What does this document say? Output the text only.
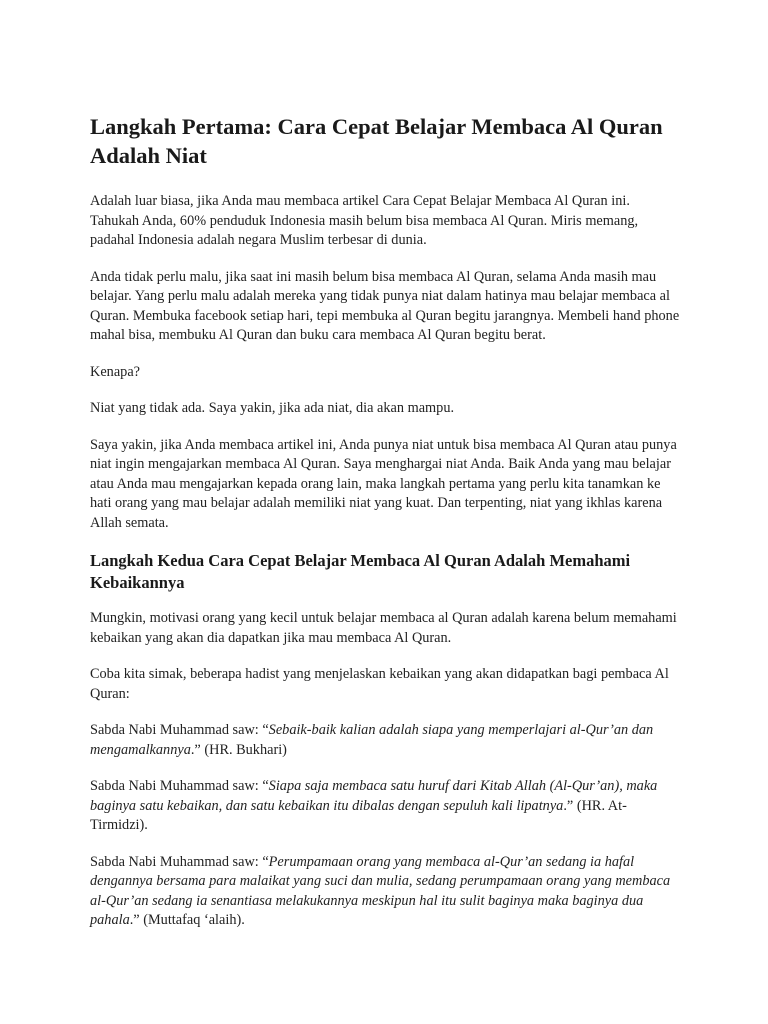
Langkah Pertama: Cara Cepat Belajar Membaca Al Quran Adalah Niat

Adalah luar biasa, jika Anda mau membaca artikel Cara Cepat Belajar Membaca Al Quran ini. Tahukah Anda, 60% penduduk Indonesia masih belum bisa membaca Al Quran. Miris memang, padahal Indonesia adalah negara Muslim terbesar di dunia.

Anda tidak perlu malu, jika saat ini masih belum bisa membaca Al Quran, selama Anda masih mau belajar. Yang perlu malu adalah mereka yang tidak punya niat dalam hatinya mau belajar membaca al Quran. Membuka facebook setiap hari, tepi membuka al Quran begitu jarangnya. Membeli hand phone mahal bisa, membuku Al Quran dan buku cara membaca Al Quran begitu berat.

Kenapa?

Niat yang tidak ada. Saya yakin, jika ada niat, dia akan mampu.

Saya yakin, jika Anda membaca artikel ini, Anda punya niat untuk bisa membaca Al Quran atau punya niat ingin mengajarkan membaca Al Quran. Saya menghargai niat Anda. Baik Anda yang mau belajar atau Anda mau mengajarkan kepada orang lain, maka langkah pertama yang perlu kita tanamkan ke hati orang yang mau belajar adalah memiliki niat yang kuat. Dan terpenting, niat yang ikhlas karena Allah semata.

Langkah Kedua Cara Cepat Belajar Membaca Al Quran Adalah Memahami Kebaikannya

Mungkin, motivasi orang yang kecil untuk belajar membaca al Quran adalah karena belum memahami kebaikan yang akan dia dapatkan jika mau membaca Al Quran.

Coba kita simak, beberapa hadist yang menjelaskan kebaikan yang akan didapatkan bagi pembaca Al Quran:

Sabda Nabi Muhammad saw: “Sebaik-baik kalian adalah siapa yang memperlajari al-Qur’an dan mengamalkannya.” (HR. Bukhari)

Sabda Nabi Muhammad saw: “Siapa saja membaca satu huruf dari Kitab Allah (Al-Qur’an), maka baginya satu kebaikan, dan satu kebaikan itu dibalas dengan sepuluh kali lipatnya.” (HR. At-Tirmidzi).

Sabda Nabi Muhammad saw: “Perumpamaan orang yang membaca al-Qur’an sedang ia hafal dengannya bersama para malaikat yang suci dan mulia, sedang perumpamaan orang yang membaca al-Qur’an sedang ia senantiasa melakukannya meskipun hal itu sulit baginya maka baginya dua pahala.” (Muttafaq ‘alaih).
